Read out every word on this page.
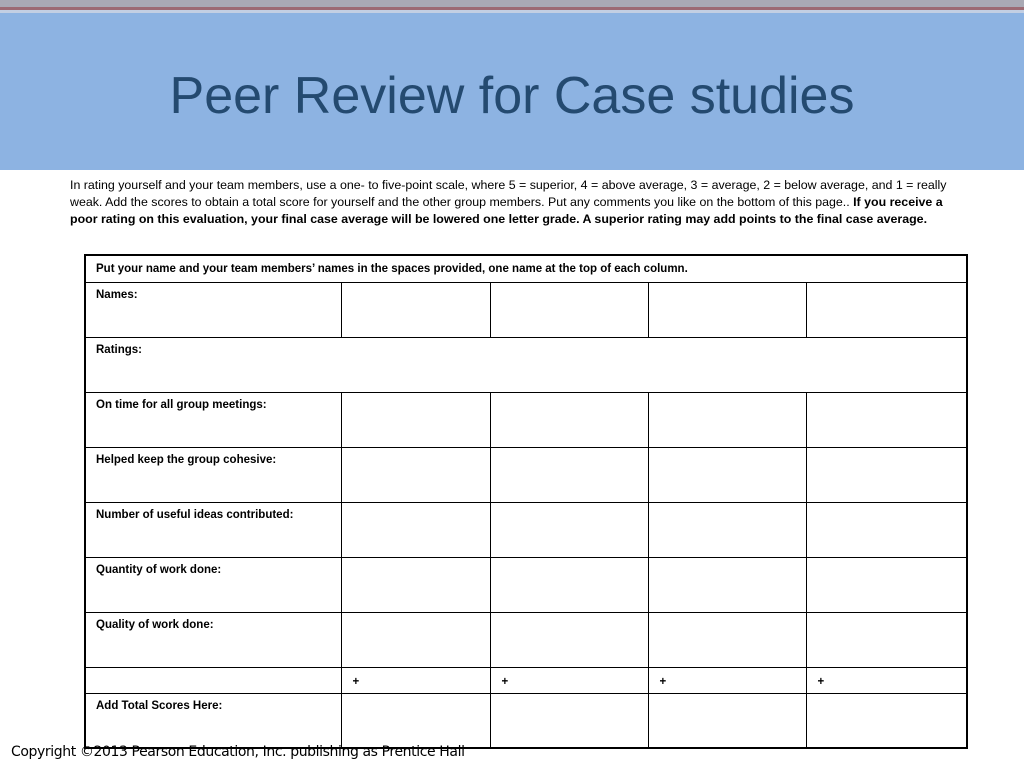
Peer Review for Case studies

In rating yourself and your team members, use a one- to five-point scale, where 5 = superior, 4 = above average, 3 = average, 2 = below average, and 1 = really weak. Add the scores to obtain a total score for yourself and the other group members. Put any comments you like on the bottom of this page.. If you receive a poor rating on this evaluation, your final case average will be lowered one letter grade. A superior rating may add points to the final case average.

Put your name and your team members’ names in the spaces provided, one name at the top of each column.				
Names:				
Ratings:				
On time for all group meetings:				
Helped keep the group cohesive:				
Number of useful ideas contributed:				
Quantity of work done:				
Quality of work done:				
	+	+	+	+
Add Total Scores Here:				
Copyright ©2013 Pearson Education, Inc. publishing as Prentice Hall
